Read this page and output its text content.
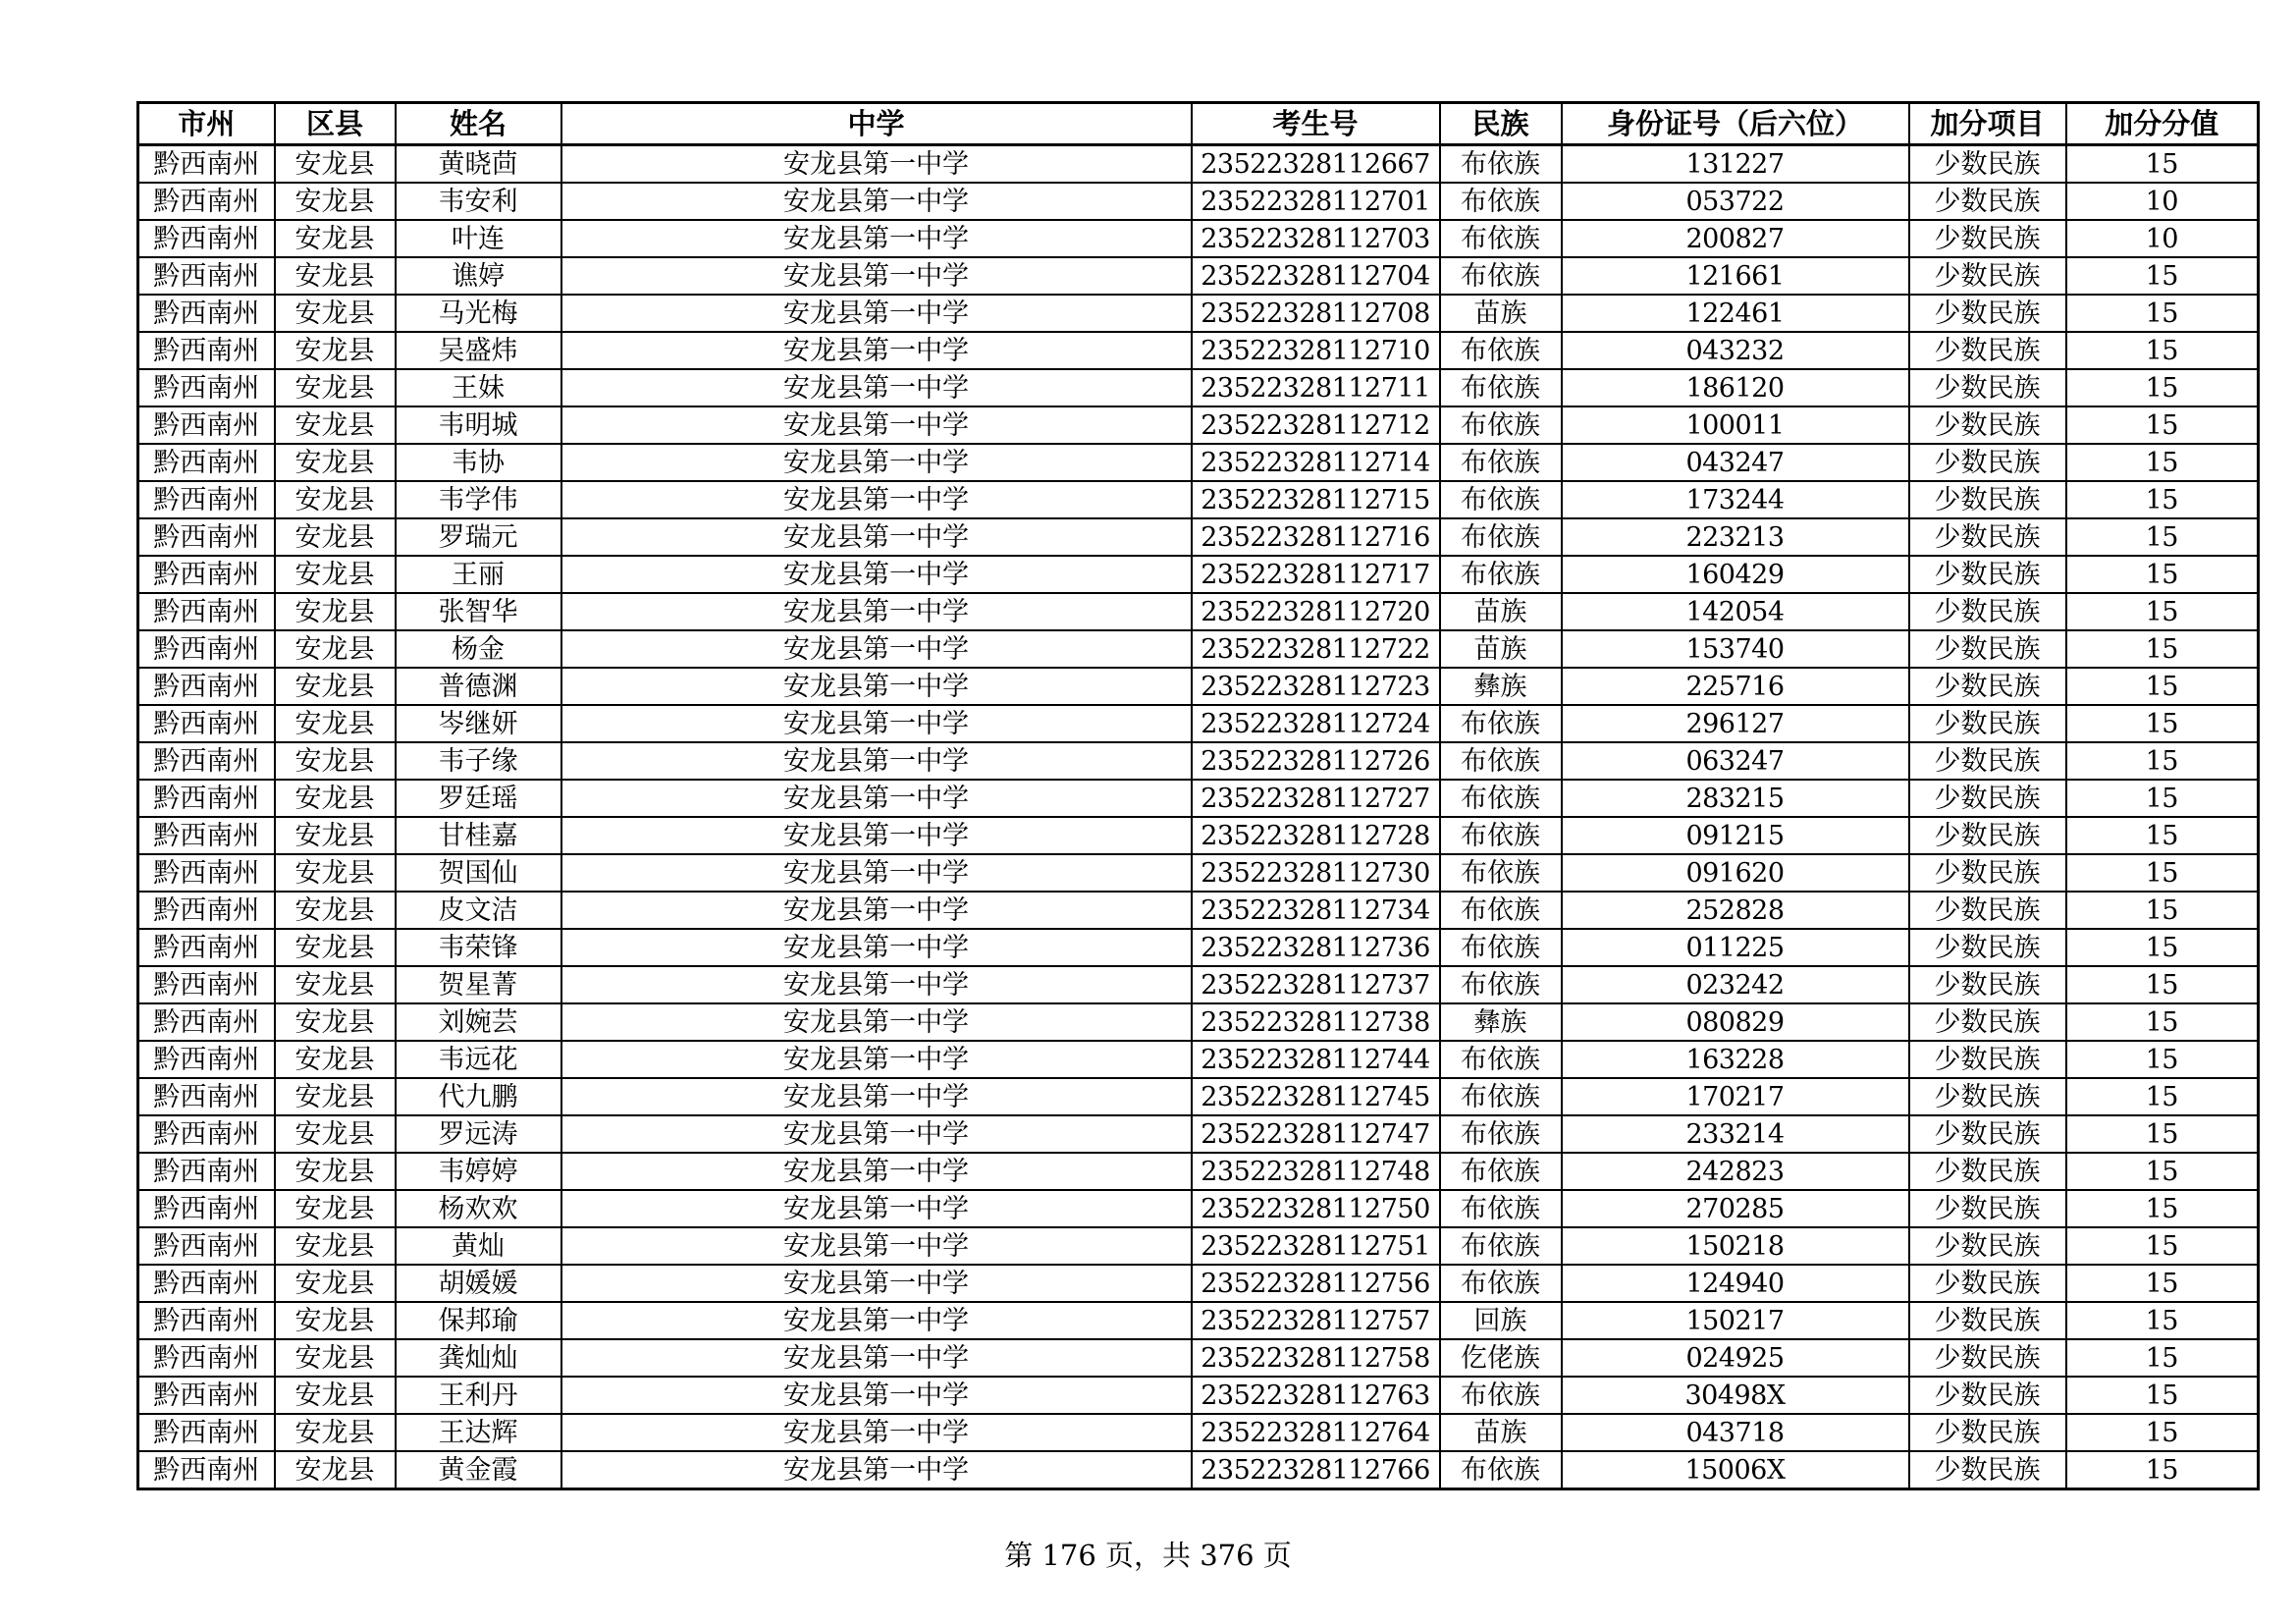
市州	区县	姓名	中学	考生号	民族	身份证号（后六位）	加分项目	加分分值
黔西南州	安龙县	黄晓茴	安龙县第一中学	23522328112667	布依族	131227	少数民族	15
黔西南州	安龙县	韦安利	安龙县第一中学	23522328112701	布依族	053722	少数民族	10
黔西南州	安龙县	叶连	安龙县第一中学	23522328112703	布依族	200827	少数民族	10
黔西南州	安龙县	谯婷	安龙县第一中学	23522328112704	布依族	121661	少数民族	15
黔西南州	安龙县	马光梅	安龙县第一中学	23522328112708	苗族	122461	少数民族	15
黔西南州	安龙县	吴盛炜	安龙县第一中学	23522328112710	布依族	043232	少数民族	15
黔西南州	安龙县	王妹	安龙县第一中学	23522328112711	布依族	186120	少数民族	15
黔西南州	安龙县	韦明城	安龙县第一中学	23522328112712	布依族	100011	少数民族	15
黔西南州	安龙县	韦协	安龙县第一中学	23522328112714	布依族	043247	少数民族	15
黔西南州	安龙县	韦学伟	安龙县第一中学	23522328112715	布依族	173244	少数民族	15
黔西南州	安龙县	罗瑞元	安龙县第一中学	23522328112716	布依族	223213	少数民族	15
黔西南州	安龙县	王丽	安龙县第一中学	23522328112717	布依族	160429	少数民族	15
黔西南州	安龙县	张智华	安龙县第一中学	23522328112720	苗族	142054	少数民族	15
黔西南州	安龙县	杨金	安龙县第一中学	23522328112722	苗族	153740	少数民族	15
黔西南州	安龙县	普德渊	安龙县第一中学	23522328112723	彝族	225716	少数民族	15
黔西南州	安龙县	岑继妍	安龙县第一中学	23522328112724	布依族	296127	少数民族	15
黔西南州	安龙县	韦子缘	安龙县第一中学	23522328112726	布依族	063247	少数民族	15
黔西南州	安龙县	罗廷瑶	安龙县第一中学	23522328112727	布依族	283215	少数民族	15
黔西南州	安龙县	甘桂嘉	安龙县第一中学	23522328112728	布依族	091215	少数民族	15
黔西南州	安龙县	贺国仙	安龙县第一中学	23522328112730	布依族	091620	少数民族	15
黔西南州	安龙县	皮文洁	安龙县第一中学	23522328112734	布依族	252828	少数民族	15
黔西南州	安龙县	韦荣锋	安龙县第一中学	23522328112736	布依族	011225	少数民族	15
黔西南州	安龙县	贺星菁	安龙县第一中学	23522328112737	布依族	023242	少数民族	15
黔西南州	安龙县	刘婉芸	安龙县第一中学	23522328112738	彝族	080829	少数民族	15
黔西南州	安龙县	韦远花	安龙县第一中学	23522328112744	布依族	163228	少数民族	15
黔西南州	安龙县	代九鹏	安龙县第一中学	23522328112745	布依族	170217	少数民族	15
黔西南州	安龙县	罗远涛	安龙县第一中学	23522328112747	布依族	233214	少数民族	15
黔西南州	安龙县	韦婷婷	安龙县第一中学	23522328112748	布依族	242823	少数民族	15
黔西南州	安龙县	杨欢欢	安龙县第一中学	23522328112750	布依族	270285	少数民族	15
黔西南州	安龙县	黄灿	安龙县第一中学	23522328112751	布依族	150218	少数民族	15
黔西南州	安龙县	胡媛媛	安龙县第一中学	23522328112756	布依族	124940	少数民族	15
黔西南州	安龙县	保邦瑜	安龙县第一中学	23522328112757	回族	150217	少数民族	15
黔西南州	安龙县	龚灿灿	安龙县第一中学	23522328112758	仡佬族	024925	少数民族	15
黔西南州	安龙县	王利丹	安龙县第一中学	23522328112763	布依族	30498X	少数民族	15
黔西南州	安龙县	王达辉	安龙县第一中学	23522328112764	苗族	043718	少数民族	15
黔西南州	安龙县	黄金霞	安龙县第一中学	23522328112766	布依族	15006X	少数民族	15
第 176 页，共 376 页
